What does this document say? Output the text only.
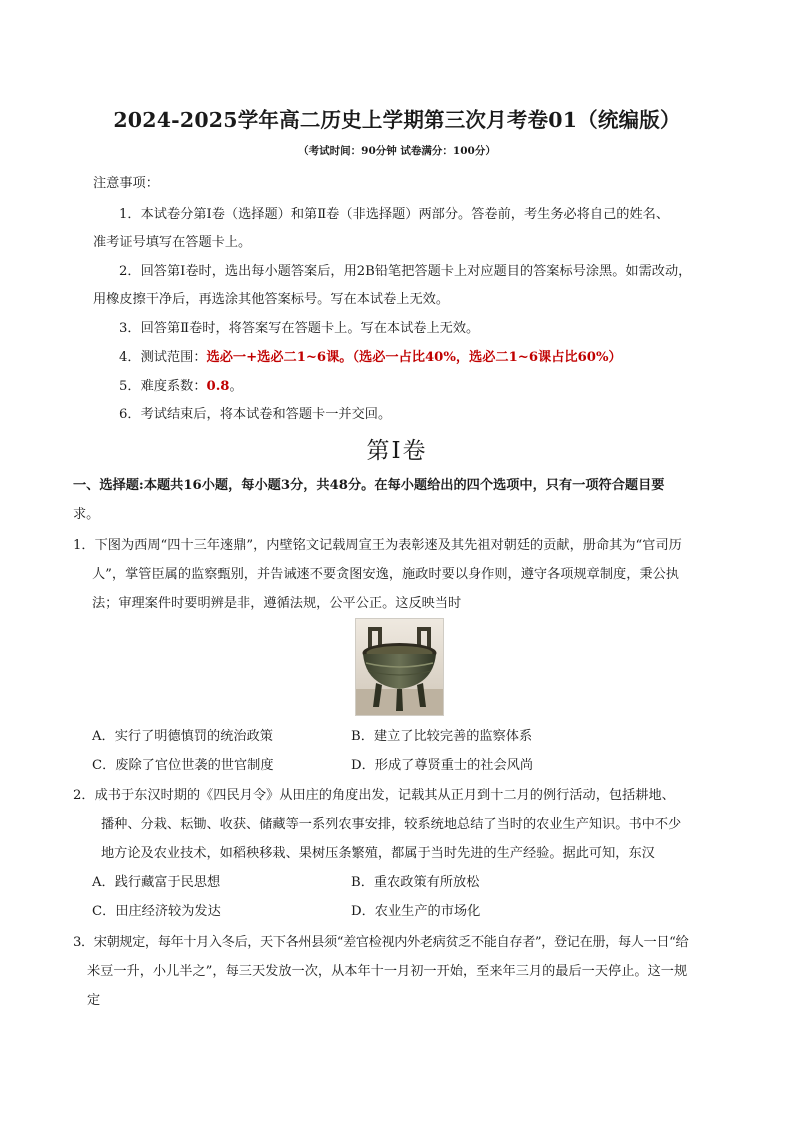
2024-2025学年高二历史上学期第三次月考卷01（统编版）
（考试时间：90分钟 试卷满分：100分）
注意事项：
1．本试卷分第Ⅰ卷（选择题）和第Ⅱ卷（非选择题）两部分。答卷前，考生务必将自己的姓名、
准考证号填写在答题卡上。
2．回答第Ⅰ卷时，选出每小题答案后，用2B铅笔把答题卡上对应题目的答案标号涂黑。如需改动，
用橡皮擦干净后，再选涂其他答案标号。写在本试卷上无效。
3．回答第Ⅱ卷时，将答案写在答题卡上。写在本试卷上无效。
4．测试范围：选必一+选必二1~6课。（选必一占比40%，选必二1~6课占比60%）
5．难度系数：0.8。
6．考试结束后，将本试卷和答题卡一并交回。
第Ⅰ卷
一、选择题:本题共16小题，每小题3分，共48分。在每小题给出的四个选项中，只有一项符合题目要
求。
1．下图为西周“四十三年逨鼎”，内壁铭文记载周宣王为表彰逨及其先祖对朝廷的贡献，册命其为“官司历
人”，掌管臣属的监察甄别，并告诫逨不要贪图安逸，施政时要以身作则，遵守各项规章制度，秉公执
法；审理案件时要明辨是非，遵循法规，公平公正。这反映当时
A．实行了明德慎罚的统治政策	B．建立了比较完善的监察体系
C．废除了官位世袭的世官制度	D．形成了尊贤重士的社会风尚
2．成书于东汉时期的《四民月令》从田庄的角度出发，记载其从正月到十二月的例行活动，包括耕地、
播种、分栽、耘锄、收获、储藏等一系列农事安排，较系统地总结了当时的农业生产知识。书中不少
地方论及农业技术，如稻秧移栽、果树压条繁殖，都属于当时先进的生产经验。据此可知，东汉
A．践行藏富于民思想	B．重农政策有所放松
C．田庄经济较为发达	D．农业生产的市场化
3．宋朝规定，每年十月入冬后，天下各州县须“差官检视内外老病贫乏不能自存者”，登记在册，每人一日“给
米豆一升，小儿半之”，每三天发放一次，从本年十一月初一开始，至来年三月的最后一天停止。这一规
定
